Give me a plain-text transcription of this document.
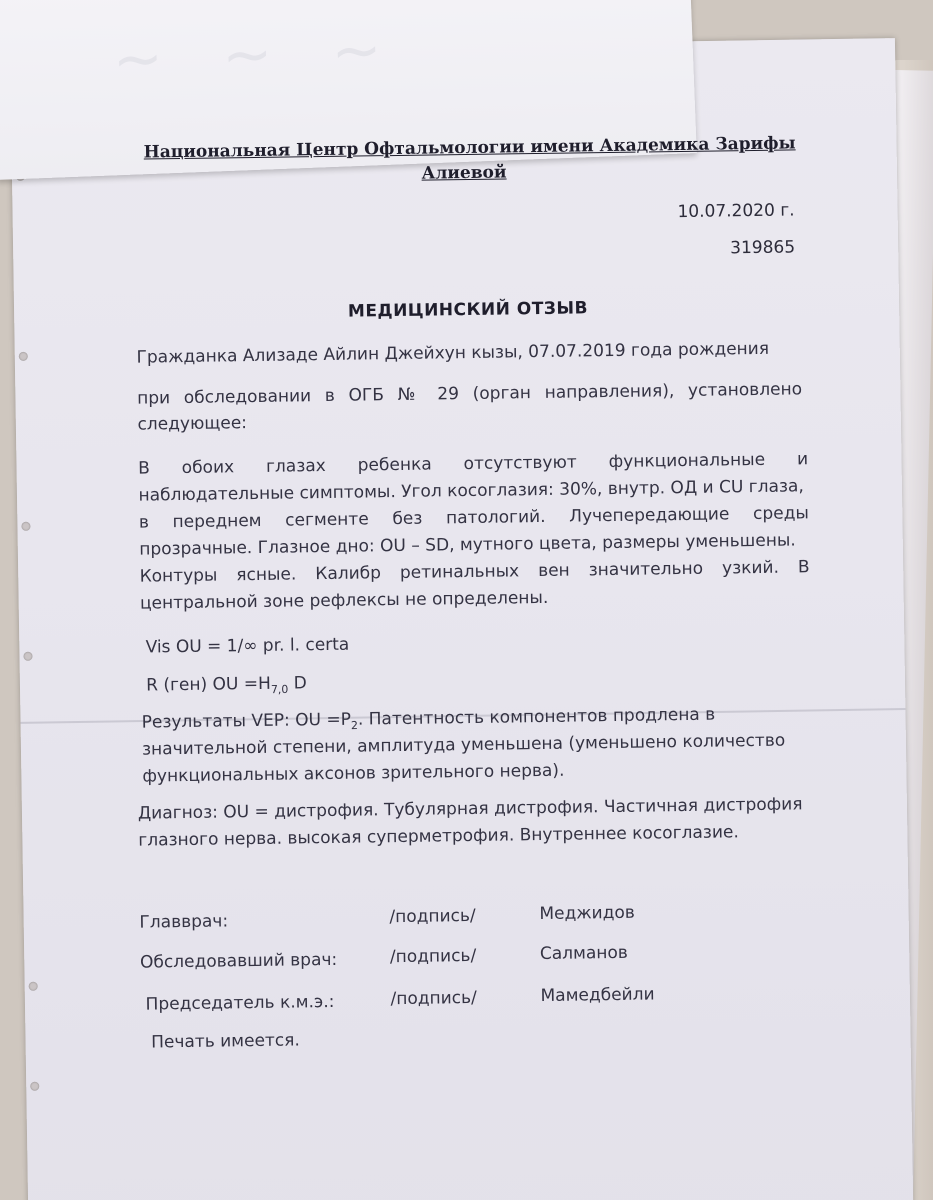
~ ~ ~
Национальная Центр Офтальмологии имени Академика Зарифы
Алиевой
10.07.2020 г.
319865
МЕДИЦИНСКИЙ ОТЗЫВ
Гражданка Ализаде Айлин Джейхун кызы, 07.07.2019 года рождения
при обследовании в ОГБ № 29 (орган направления), установлено
следующее:
В обоих глазах ребенка отсутствуют функциональные и
наблюдательные симптомы. Угол косоглазия: 30%, внутр. ОД и CU глаза,
в переднем сегменте без патологий. Лучепередающие среды
прозрачные. Глазное дно: OU – SD, мутного цвета, размеры уменьшены.
Контуры ясные. Калибр ретинальных вен значительно узкий. В
центральной зоне рефлексы не определены.
Vis OU = 1/∞ pr. l. certa
R (ген) OU $=H_{7,0}$ D
Результаты VEP: OU $=P_2$. Патентность компонентов продлена в
значительной степени, амплитуда уменьшена (уменьшено количество
функциональных аксонов зрительного нерва).
Диагноз: OU = дистрофия. Тубулярная дистрофия. Частичная дистрофия
глазного нерва. высокая суперметрофия. Внутреннее косоглазие.
Главврач:	/подпись/	Меджидов
Обследовавший врач:	/подпись/	Салманов
Председатель к.м.э.:	/подпись/	Мамедбейли
Печать имеется.
